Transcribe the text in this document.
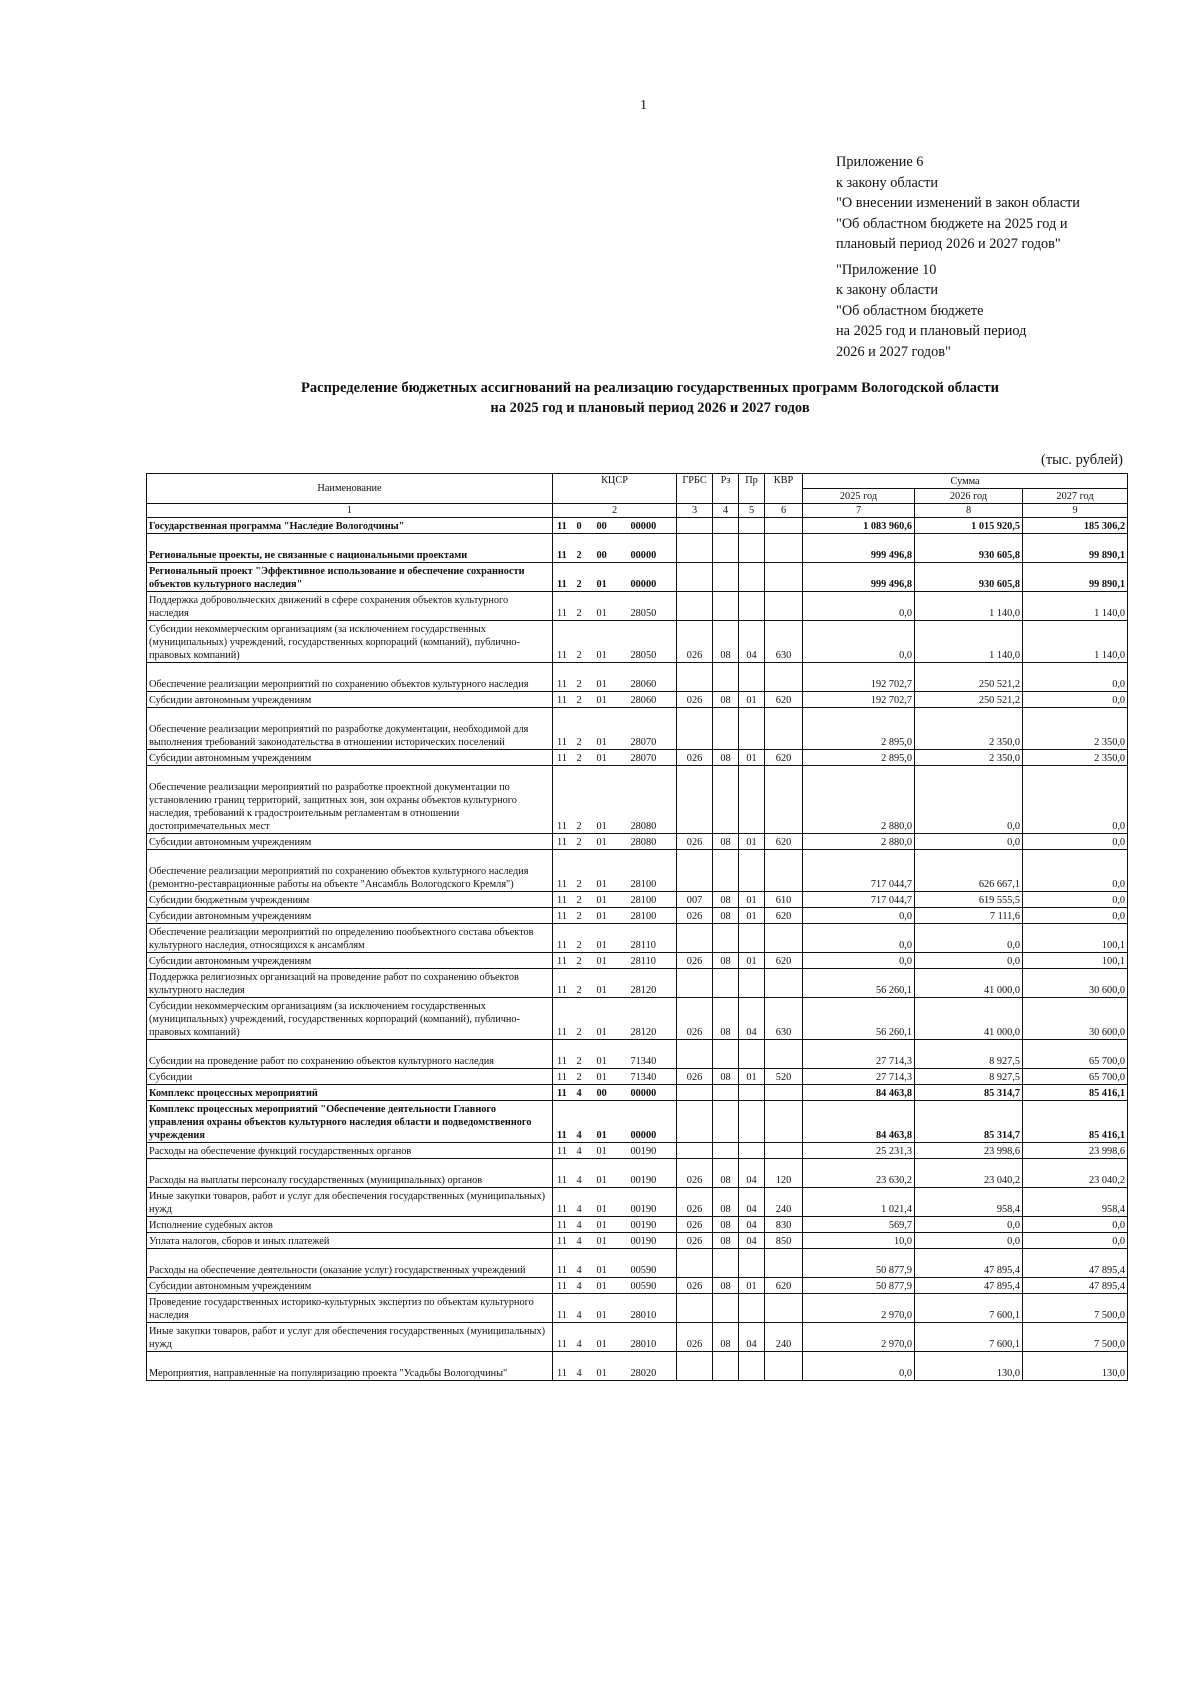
1
Приложение 6
к закону области
"О внесении изменений в закон области
"Об областном бюджете на 2025 год и
плановый период 2026 и 2027 годов"
"Приложение 10
к закону области
"Об областном бюджете
на 2025 год и плановый период
2026 и 2027 годов"
Распределение бюджетных ассигнований на реализацию государственных программ Вологодской области
на 2025 год и плановый период 2026 и 2027 годов
(тыс. рублей)
Наименование	КЦСР				ГРБС	Рз	Пр	КВР	Сумма		
									2025 год	2026 год	2027 год
1	2				3	4	5	6	7	8	9
Государственная программа "Наследие Вологодчины"	11	0	00	00000					1 083 960,6	1 015 920,5	185 306,2
Региональные проекты, не связанные с национальными проектами	11	2	00	00000					999 496,8	930 605,8	99 890,1
Региональный проект "Эффективное использование и обеспечение сохранности объектов культурного наследия"	11	2	01	00000					999 496,8	930 605,8	99 890,1
Поддержка добровольческих движений в сфере сохранения объектов культурного наследия	11	2	01	28050					0,0	1 140,0	1 140,0
Субсидии некоммерческим организациям (за исключением государственных (муниципальных) учреждений, государственных корпораций (компаний), публично-правовых компаний)	11	2	01	28050	026	08	04	630	0,0	1 140,0	1 140,0
Обеспечение реализации мероприятий по сохранению объектов культурного наследия	11	2	01	28060					192 702,7	250 521,2	0,0
Субсидии автономным учреждениям	11	2	01	28060	026	08	01	620	192 702,7	250 521,2	0,0
Обеспечение реализации мероприятий по разработке документации, необходимой для выполнения требований законодательства в отношении исторических поселений	11	2	01	28070					2 895,0	2 350,0	2 350,0
Субсидии автономным учреждениям	11	2	01	28070	026	08	01	620	2 895,0	2 350,0	2 350,0
Обеспечение реализации мероприятий по разработке проектной документации по установлению границ территорий, защитных зон, зон охраны объектов культурного наследия, требований к градостроительным регламентам в отношении достопримечательных мест	11	2	01	28080					2 880,0	0,0	0,0
Субсидии автономным учреждениям	11	2	01	28080	026	08	01	620	2 880,0	0,0	0,0
Обеспечение реализации мероприятий по сохранению объектов культурного наследия (ремонтно-реставрационные работы на объекте "Ансамбль Вологодского Кремля")	11	2	01	28100					717 044,7	626 667,1	0,0
Субсидии бюджетным учреждениям	11	2	01	28100	007	08	01	610	717 044,7	619 555,5	0,0
Субсидии автономным учреждениям	11	2	01	28100	026	08	01	620	0,0	7 111,6	0,0
Обеспечение реализации мероприятий по определению пообъектного состава объектов культурного наследия, относящихся к ансамблям	11	2	01	28110					0,0	0,0	100,1
Субсидии автономным учреждениям	11	2	01	28110	026	08	01	620	0,0	0,0	100,1
Поддержка религиозных организаций на проведение работ по сохранению объектов культурного наследия	11	2	01	28120					56 260,1	41 000,0	30 600,0
Субсидии некоммерческим организациям (за исключением государственных (муниципальных) учреждений, государственных корпораций (компаний), публично-правовых компаний)	11	2	01	28120	026	08	04	630	56 260,1	41 000,0	30 600,0
Субсидии на проведение работ по сохранению объектов культурного наследия	11	2	01	71340					27 714,3	8 927,5	65 700,0
Субсидии	11	2	01	71340	026	08	01	520	27 714,3	8 927,5	65 700,0
Комплекс процессных мероприятий	11	4	00	00000					84 463,8	85 314,7	85 416,1
Комплекс процессных мероприятий "Обеспечение деятельности Главного управления охраны объектов культурного наследия области и подведомственного учреждения	11	4	01	00000					84 463,8	85 314,7	85 416,1
Расходы на обеспечение функций государственных органов	11	4	01	00190					25 231,3	23 998,6	23 998,6
Расходы на выплаты персоналу государственных (муниципальных) органов	11	4	01	00190	026	08	04	120	23 630,2	23 040,2	23 040,2
Иные закупки товаров, работ и услуг для обеспечения государственных (муниципальных) нужд	11	4	01	00190	026	08	04	240	1 021,4	958,4	958,4
Исполнение судебных актов	11	4	01	00190	026	08	04	830	569,7	0,0	0,0
Уплата налогов, сборов и иных платежей	11	4	01	00190	026	08	04	850	10,0	0,0	0,0
Расходы на обеспечение деятельности (оказание услуг) государственных учреждений	11	4	01	00590					50 877,9	47 895,4	47 895,4
Субсидии автономным учреждениям	11	4	01	00590	026	08	01	620	50 877,9	47 895,4	47 895,4
Проведение государственных историко-культурных экспертиз по объектам культурного наследия	11	4	01	28010					2 970,0	7 600,1	7 500,0
Иные закупки товаров, работ и услуг для обеспечения государственных (муниципальных) нужд	11	4	01	28010	026	08	04	240	2 970,0	7 600,1	7 500,0
Мероприятия, направленные на популяризацию проекта "Усадьбы Вологодчины"	11	4	01	28020					0,0	130,0	130,0
